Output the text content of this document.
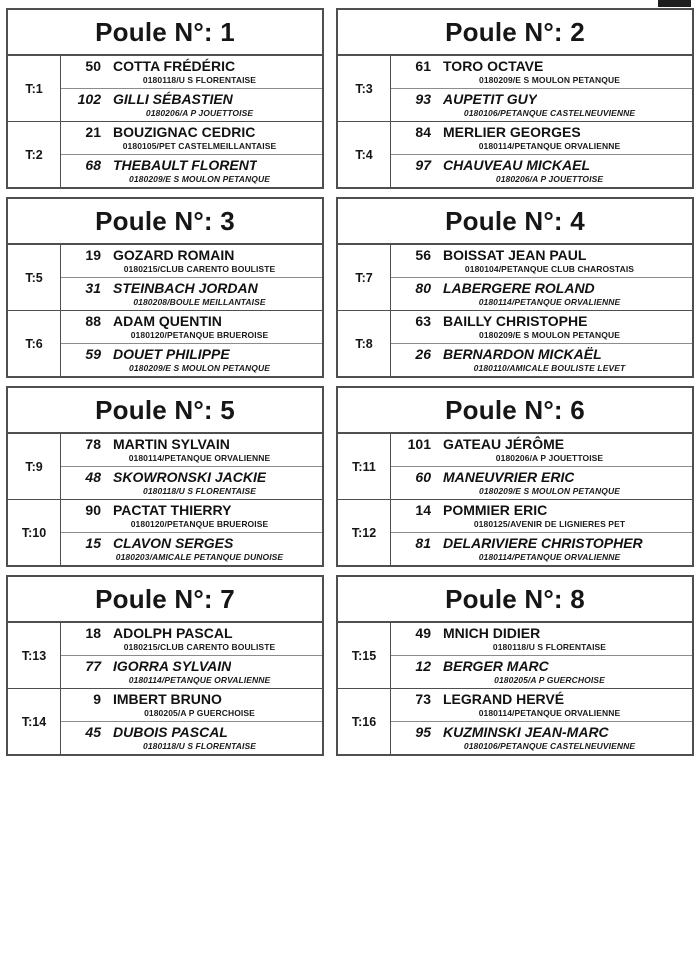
Poule N°: 1
T:1	
50 COTTA FRÉDÉRIC
0180118/U S FLORENTAISE
102 GILLI SÉBASTIEN
0180206/A P JOUETTOISE

T:2	
21 BOUZIGNAC CEDRIC
0180105/PET CASTELMEILLANTAISE
68 THEBAULT FLORENT
0180209/E S MOULON PETANQUE
Poule N°: 2
T:3	
61 TORO OCTAVE
0180209/E S MOULON PETANQUE
93 AUPETIT GUY
0180106/PETANQUE CASTELNEUVIENNE

T:4	
84 MERLIER GEORGES
0180114/PETANQUE ORVALIENNE
97 CHAUVEAU MICKAEL
0180206/A P JOUETTOISE
Poule N°: 3
T:5	
19 GOZARD ROMAIN
0180215/CLUB CARENTO BOULISTE
31 STEINBACH JORDAN
0180208/BOULE MEILLANTAISE

T:6	
88 ADAM QUENTIN
0180120/PETANQUE BRUEROISE
59 DOUET PHILIPPE
0180209/E S MOULON PETANQUE
Poule N°: 4
T:7	
56 BOISSAT JEAN PAUL
0180104/PETANQUE CLUB CHAROSTAIS
80 LABERGERE ROLAND
0180114/PETANQUE ORVALIENNE

T:8	
63 BAILLY CHRISTOPHE
0180209/E S MOULON PETANQUE
26 BERNARDON MICKAËL
0180110/AMICALE BOULISTE LEVET
Poule N°: 5
T:9	
78 MARTIN SYLVAIN
0180114/PETANQUE ORVALIENNE
48 SKOWRONSKI JACKIE
0180118/U S FLORENTAISE

T:10	
90 PACTAT THIERRY
0180120/PETANQUE BRUEROISE
15 CLAVON SERGES
0180203/AMICALE PETANQUE DUNOISE
Poule N°: 6
T:11	
101 GATEAU JÉRÔME
0180206/A P JOUETTOISE
60 MANEUVRIER ERIC
0180209/E S MOULON PETANQUE

T:12	
14 POMMIER ERIC
0180125/AVENIR DE LIGNIERES PET
81 DELARIVIERE CHRISTOPHER
0180114/PETANQUE ORVALIENNE
Poule N°: 7
T:13	
18 ADOLPH PASCAL
0180215/CLUB CARENTO BOULISTE
77 IGORRA SYLVAIN
0180114/PETANQUE ORVALIENNE

T:14	
9 IMBERT BRUNO
0180205/A P GUERCHOISE
45 DUBOIS PASCAL
0180118/U S FLORENTAISE
Poule N°: 8
T:15	
49 MNICH DIDIER
0180118/U S FLORENTAISE
12 BERGER MARC
0180205/A P GUERCHOISE

T:16	
73 LEGRAND HERVÉ
0180114/PETANQUE ORVALIENNE
95 KUZMINSKI JEAN-MARC
0180106/PETANQUE CASTELNEUVIENNE
